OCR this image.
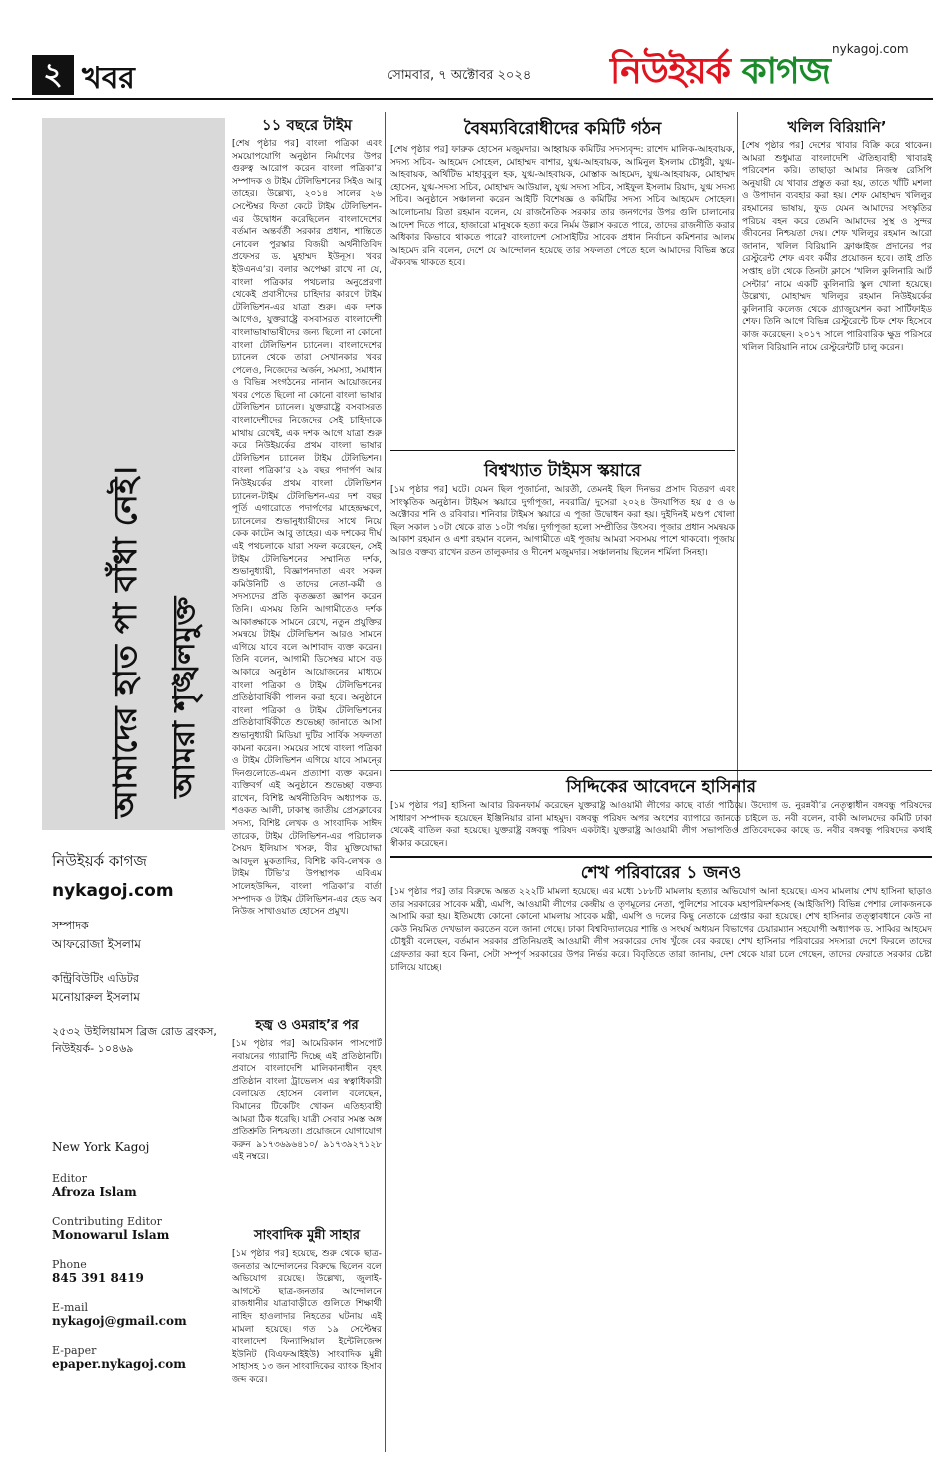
২ খবর	সোমবার, ৭ অক্টোবর ২০২৪
nykagoj.com
নিউইয়র্ক কাগজ
আমাদের হাত পা বাঁধা নেই। আমরা শৃঙ্খলমুক্ত
নিউইয়র্ক কাগজ
nykagoj.com
সম্পাদক
আফরোজা ইসলাম
কন্ট্রিবিউটিং এডিটর
মনোয়ারুল ইসলাম
২৫৩২ উইলিয়ামস ব্রিজ রোড ব্রংকস, নিউইয়র্ক- ১০৪৬৯
New York Kagoj
Editor
Afroza Islam
Contributing Editor
Monowarul Islam
Phone
845 391 8419
E-mail
nykagoj@gmail.com
E-paper
epaper.nykagoj.com
১১ বছরে টাইম
[শেষ পৃষ্ঠার পর] বাংলা পত্রিকা এবং সময়োপযোগি অনুষ্ঠান নির্মাণের উপর গুরুত্ব আরোপ করেন বাংলা পত্রিকা’র সম্পাদক ও টাইম টেলিভিশনের সিইও আবু তাহের। উল্লেখ্য, ২০১৪ সালের ২৬ সেপ্টেম্বর ফিতা কেটে টাইম টেলিভিশন-এর উদ্বোধন করেছিলেন বাংলাদেশের বর্তমান অন্তর্বর্তী সরকার প্রধান, শান্তিতে নোবেল পুরস্কার বিজয়ী অর্থনীতিবিদ প্রফেসর ড. মুহাম্মদ ইউনূস। খবর ইউএনএ’র। বলার অপেক্ষা রাখে না যে, বাংলা পত্রিকার পথচলার অনুপ্রেরণা থেকেই প্রবাসীদের চাহিদার কারণে টাইম টেলিভিশন-এর যাত্রা শুরু। এক দশক আগেও, যুক্তরাষ্ট্রে বসবাসরত বাংলাদেশী বাংলাভাষাভাষীদের জন্য ছিলো না কোনো বাংলা টেলিভিশন চ্যানেল। বাংলাদেশের চ্যানেল থেকে তারা সেখানকার খবর পেলেও, নিজেদের অর্জন, সমস্যা, সমাধান ও বিভিন্ন সংগঠনের নানান আয়োজনের খবর পেতে ছিলো না কোনো বাংলা ভাষার টেলিভিশন চ্যানেল। যুক্তরাষ্ট্রে বসবাসরত বাংলাদেশীদের নিজেদের সেই চাহিদাকে মাথায় রেখেই, এক দশক আগে যাত্রা শুরু করে নিউইয়র্কের প্রথম বাংলা ভাষার টেলিভিশন চ্যানেল টাইম টেলিভিশন। বাংলা পত্রিকা’র ২৯ বছর পদার্পণ আর নিউইয়র্কের প্রথম বাংলা টেলিভিশন চ্যানেল-টাইম টেলিভিশন-এর দশ বছর পূর্তি এগারোতে পদার্পণের মাহেন্দ্রক্ষণে, চ্যানেলের শুভানুধ্যায়ীদের সাথে নিয়ে কেক কাটেন আবু তাহের। এক দশকের দীর্ঘ এই পথচলাকে যারা সফল করেছেন, সেই টাইম টেলিভিশনের সম্মানিত দর্শক, শুভানুধ্যায়ী, বিজ্ঞাপনদাতা এবং সকল কমিউনিটি ও তাদের নেতা-কর্মী ও সদস্যদের প্রতি কৃতজ্ঞতা জ্ঞাপন করেন তিনি। এসময় তিনি আগামীতেও দর্শক আকাঙ্ক্ষাকে সামনে রেখে, নতুন প্রযুক্তির সমন্বয়ে টাইম টেলিভিশন আরও সামনে এগিয়ে যাবে বলে আশাবাদ ব্যক্ত করেন। তিনি বলেন, আগামী ডিসেম্বর মাসে বড় আকারে অনুষ্ঠান আয়োজনের মাধ্যমে বাংলা পত্রিকা ও টাইম টেলিভিশনের প্রতিষ্ঠাবার্ষিকী পালন করা হবে। অনুষ্ঠানে বাংলা পত্রিকা ও টাইম টেলিভিশনের প্রতিষ্ঠাবার্ষিকীতে শুভেচ্ছা জানাতে আসা শুভানুধ্যায়ী মিডিয়া দুটির সার্বিক সফলতা কামনা করেন। সময়ের সাথে বাংলা পত্রিকা ও টাইম টেলিভিশন এগিয়ে যাবে সামনে্র দিনগুলোতে-এমন প্রত্যাশা ব্যক্ত করেন। ব্যক্তিবর্গ এই অনুষ্ঠানে শুভেচ্ছা বক্তব্য রাখেন, বিশিষ্ট অর্থনীতিবিদ অধ্যাপক ড. শওকত আলী, ঢাকাস্থ জাতীয় প্রেসক্লাবের সদস্য, বিশিষ্ট লেখক ও সাংবাদিক সাঈদ তারেক, টাইম টেলিভিশন-এর পরিচালক সৈয়দ ইলিয়াস খসরু, বীর মুক্তিযোদ্ধা আবদুল মুকতাদির, বিশিষ্ট কবি-লেখক ও টাইম টিভি’র উপস্থাপক এবিএম সালেহউদ্দিন, বাংলা পত্রিকা’র বার্তা সম্পাদক ও টাইম টেলিভিশন-এর হেড অব নিউজ সাখাওয়াত হোসেন প্রমুখ।
হজ্ব ও ওমরাহ’র পর
[১ম পৃষ্ঠার পর] আমেরিকান পাসপোর্ট নবায়নের গ্যারান্টি দিচ্ছে এই প্রতিষ্ঠানটি। প্রবাসে বাংলাদেশি মালিকানাধীন বৃহৎ প্রতিষ্ঠান বাংলা ট্রাভেলস এর স্বত্বাধিকারী বেলায়েত হোসেন বেলাল বলেছেন, বিমানের টিকেটিং খোকন এতিহ্যবাহী আমরা ঠিক ধরেছি। যাত্রী সেবার সমস্ত অঙ্গ প্রতিশ্রুতি নিশ্চয়তা। প্রয়োজনে যোগাযোগ করুন ৯১৭৩৬৯৬৪১০/ ৯১৭৩৯২৭১২৮ এই নম্বরে।
সাংবাদিক মুন্নী সাহার
[১ম পৃষ্ঠার পর] হয়েছে, শুরু থেকে ছাত্র-জনতার আন্দোলনের বিরুদ্ধে ছিলেন বলে অভিযোগ রয়েছে। উল্লেখ্য, জুলাই-আগস্টে ছাত্র-জনতার আন্দোলনে রাজধানীর যাত্রাবাড়ীতে গুলিতে শিক্ষার্থী নাহিদ হাওলাদার নিহতের ঘটনায় এই মামলা হয়েছে। গত ১৯ সেপ্টেম্বর বাংলাদেশ ফিন্যান্সিয়াল ইন্টেলিজেন্স ইউনিট (বিএফআইইউ) সাংবাদিক মুন্নী সাহাসহ ১৩ জন সাংবাদিকের ব্যাংক হিসাব জব্দ করে।
বৈষম্যবিরোধীদের কমিটি গঠন
[শেষ পৃষ্ঠার পর] ফারুক হোসেন মজুমদার। আহ্বায়ক কমিটির সদস্যবৃন্দ: রাশেদ মালিক-আহবায়ক, সদস্য সচিব- আহমেদ সোহেল, মোহাম্মদ বাশার, যুগ্ম-আহবায়ক, আমিনুল ইসলাম চৌধুরী, যুগ্ম-আহবায়ক, অর্থিটিভ মাহাবুবুল হক, যুগ্ম-আহবায়ক, মোস্তাক আহমেদ, যুগ্ম-আহবায়ক, মোহাম্মদ হোসেন, যুগ্ম-সদস্য সচিব, মোহাম্মদ আউয়াল, যুগ্ম সদস্য সচিব, সাইফুল ইসলাম রিয়াদ, যুগ্ম সদস্য সচিব। অনুষ্ঠানে সঞ্চালনা করেন আইটি বিশেষজ্ঞ ও কমিটির সদস্য সচিব আহমেদ সোহেল। আলোচনায় রিতা রহমান বলেন, যে রাজনৈতিক সরকার তার জনগণের উপর গুলি চালানোর আদেশ দিতে পারে, হাজারো মানুষকে হত্যা করে নির্মম উল্লাস করতে পারে, তাদের রাজনীতি করার অধিকার কিভাবে থাকতে পারে? বাংলাদেশ সোসাইটির সাবেক প্রধান নির্বাচন কমিশনার আলম আহমেদ রনি বলেন, দেশে যে আন্দোলন হয়েছে তার সফলতা পেতে হলে আমাদের বিভিন্ন স্তরে ঐক্যবদ্ধ থাকতে হবে।
খলিল বিরিয়ানি’
[শেষ পৃষ্ঠার পর] দেশের খাবার বিক্রি করে থাকেন। আমরা শুধুমাত্র বাংলাদেশি ঐতিহ্যবাহী খাবারই পরিবেশন করি। তাছাড়া আমার নিজস্ব রেসিপি অনুযায়ী যে খাবার প্রস্তুত করা হয়, তাতে খাঁটি মশলা ও উপাদান ব্যবহার করা হয়। শেফ মোহাম্মদ খলিলুর রহমানের ভাষায়, ফুড যেমন আমাদের সংস্কৃতির পরিচয় বহন করে তেমনি আমাদের সুস্থ ও সুন্দর জীবনের নিশ্চয়তা দেয়। শেফ খলিলুর রহমান আরো জানান, খলিল বিরিয়ানি ফ্রাঞ্চাইজ প্রদানের পর রেস্টুরেন্ট শেফ এবং কর্মীর প্রয়োজন হবে। তাই প্রতি সপ্তাহ ৪টা থেকে তিনটা ক্লাসে ‘খলিল কুলিনারি আর্ট সেন্টার’ নামে একটি কুলিনারি স্কুল খোলা হয়েছে। উল্লেখ্য, মোহাম্মদ খলিলুর রহমান নিউইয়র্কের কুলিনারি কলেজ থেকে গ্র্যাজুয়েশন করা সার্টিফাইড শেফ। তিনি আগে বিভিন্ন রেস্টুরেন্টে চিফ শেফ হিসেবে কাজ করেছেন। ২০১৭ সালে পারিবারিক ক্ষুদ্র পরিসরে খলিল বিরিয়ানি নামে রেস্টুরেন্টটি চালু করেন।
বিশ্বখ্যাত টাইমস স্কয়ারে
[১ম পৃষ্ঠার পর] ঘটে। যেমন ছিল পূজার্চনা, আরতী, তেমনই ছিল দিনভর প্রসাদ বিতরণ এবং সাংস্কৃতিক অনুষ্ঠান। টাইমস স্কয়ারে দুর্গাপূজা, নবরাত্রি/ দুসেরা ২০২৪ উদযাপিত হয় ৫ ও ৬ অক্টোবর শনি ও রবিবার। শনিবার টাইমস স্কয়ারে এ পূজা উদ্বোধন করা হয়। দুইদিনই মণ্ডপ খোলা ছিল সকাল ১০টা থেকে রাত ১০টা পর্যন্ত। দুর্গাপূজা হলো সম্প্রীতির উৎসব। পূজার প্রধান সমন্বয়ক আকাশ রহমান ও এশা রহমান বলেন, আগামীতে এই পূজায় আমরা সবসময় পাশে থাকবো। পূজায় আরও বক্তব্য রাখেন রতন তালুকদার ও দীনেশ মজুমদার। সঞ্চালনায় ছিলেন শর্মিলা সিনহা।
সিদ্দিকের আবেদনে হাসিনার
[১ম পৃষ্ঠার পর] হাসিনা আবার রিকনফার্ম করেছেন যুক্তরাষ্ট্র আওয়ামী লীগের কাছে বার্তা পাঠিয়ে। উদ্যোগ ড. নুরন্নবী’র নেতৃত্বাধীন বঙ্গবন্ধু পরিষদের সাধারণ সম্পাদক হয়েছেন ইঞ্জিনিয়ার রানা মাহমুদ। বঙ্গবন্ধু পরিষদ অপর অংশের ব্যাপারে জানতে চাইলে ড. নবী বলেন, বাকী আলমদের কমিটি ঢাকা থেকেই বাতিল করা হয়েছে। যুক্তরাষ্ট্র বঙ্গবন্ধু পরিষদ একটাই। যুক্তরাষ্ট্র আওয়ামী লীগ সভাপতিও প্রতিবেদকের কাছে ড. নবীর বঙ্গবন্ধু পরিষদের কথাই স্বীকার করেছেন।
শেখ পরিবারের ১ জনও
[১ম পৃষ্ঠার পর] তার বিরুদ্ধে অন্তত ২২২টি মামলা হয়েছে। এর মধ্যে ১৮৮টি মামলায় হত্যার অভিযোগ আনা হয়েছে। এসব মামলায় শেখ হাসিনা ছাড়াও তার সরকারের সাবেক মন্ত্রী, এমপি, আওয়ামী লীগের কেন্দ্রীয় ও তৃণমূলের নেতা, পুলিশের সাবেক মহাপরিদর্শকসহ (আইজিপি) বিভিন্ন পেশার লোকজনকে আসামি করা হয়। ইতিমধ্যে কোনো কোনো মামলায় সাবেক মন্ত্রী, এমপি ও দলের কিছু নেতাকে গ্রেপ্তার করা হয়েছে। শেখ হাসিনার তত্ত্বাবধানে কেউ না কেউ নিয়মিত দেখভাল করতেন বলে জানা গেছে। ঢাকা বিশ্ববিদ্যালয়ের শান্তি ও সংঘর্ষ অধ্যয়ন বিভাগের চেয়ারম্যান সহযোগী অধ্যাপক ড. সাব্বির আহমেদ চৌধুরী বলেছেন, বর্তমান সরকার প্রতিনিয়তই আওয়ামী লীগ সরকারের দোষ খুঁজে বের করছে। শেখ হাসিনার পরিবারের সদস্যরা দেশে ফিরলে তাদের গ্রেফতার করা হবে কিনা, সেটা সম্পূর্ণ সরকারের উপর নির্ভর করে। বিবৃতিতে তারা জানায়, দেশ থেকে যারা চলে গেছেন, তাদের ফেরাতে সরকার চেষ্টা চালিয়ে যাচ্ছে।
